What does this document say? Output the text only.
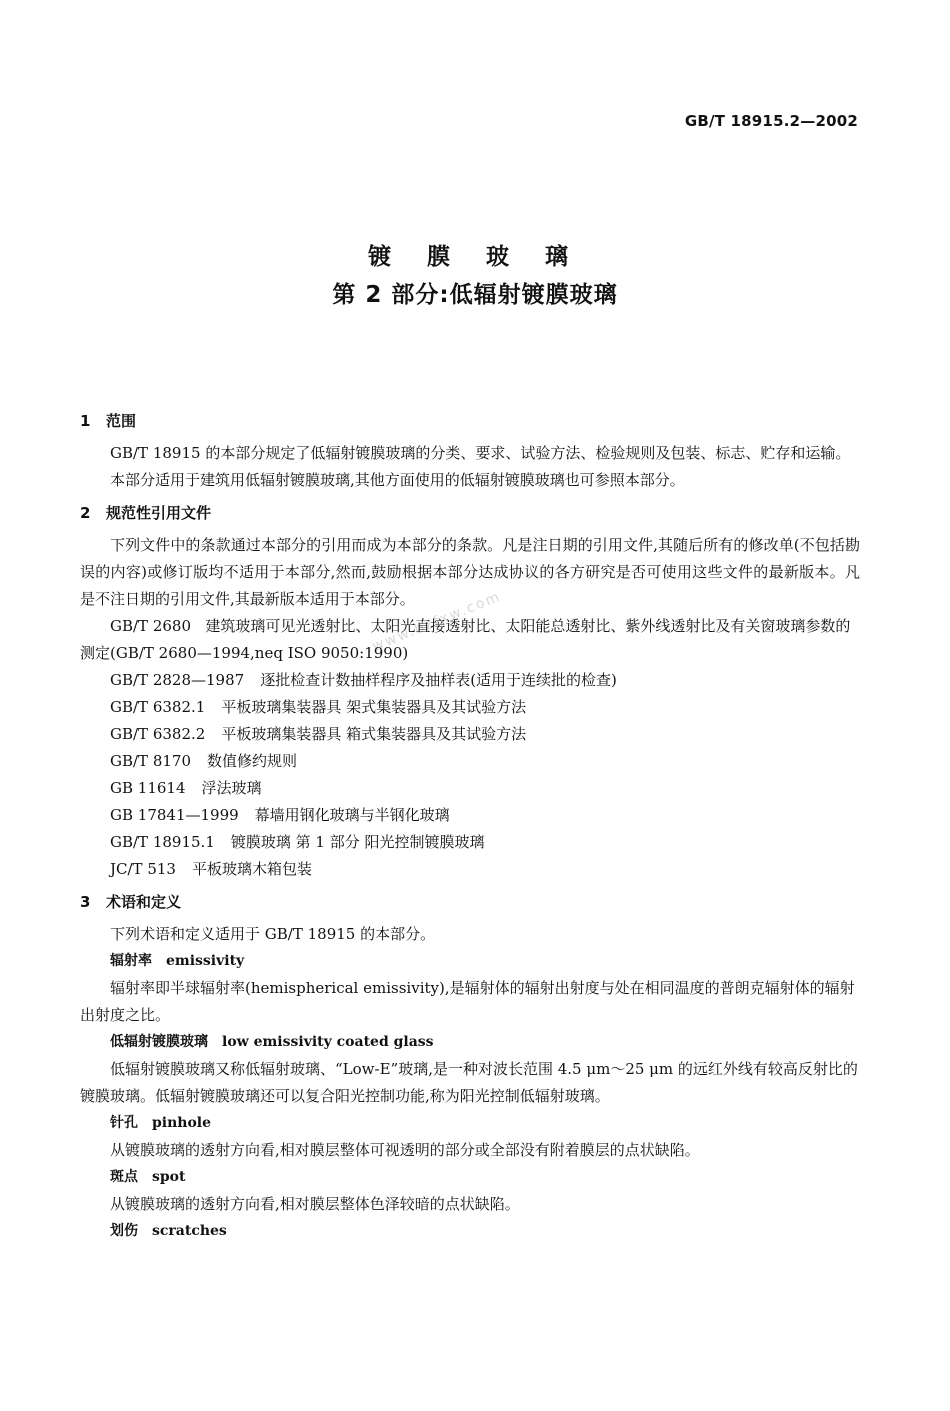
GB/T 18915.2—2002
镀 膜 玻 璃
第 2 部分:低辐射镀膜玻璃
www.bzfxw.com
1 范围
GB/T 18915 的本部分规定了低辐射镀膜玻璃的分类、要求、试验方法、检验规则及包装、标志、贮存和运输。
本部分适用于建筑用低辐射镀膜玻璃,其他方面使用的低辐射镀膜玻璃也可参照本部分。
2 规范性引用文件
下列文件中的条款通过本部分的引用而成为本部分的条款。凡是注日期的引用文件,其随后所有的修改单(不包括勘误的内容)或修订版均不适用于本部分,然而,鼓励根据本部分达成协议的各方研究是否可使用这些文件的最新版本。凡是不注日期的引用文件,其最新版本适用于本部分。
GB/T 2680 建筑玻璃可见光透射比、太阳光直接透射比、太阳能总透射比、紫外线透射比及有关窗玻璃参数的测定(GB/T 2680—1994,neq ISO 9050:1990)
GB/T 2828—1987 逐批检查计数抽样程序及抽样表(适用于连续批的检查)
GB/T 6382.1 平板玻璃集装器具 架式集装器具及其试验方法
GB/T 6382.2 平板玻璃集装器具 箱式集装器具及其试验方法
GB/T 8170 数值修约规则
GB 11614 浮法玻璃
GB 17841—1999 幕墙用钢化玻璃与半钢化玻璃
GB/T 18915.1 镀膜玻璃 第 1 部分 阳光控制镀膜玻璃
JC/T 513 平板玻璃木箱包装
3 术语和定义
下列术语和定义适用于 GB/T 18915 的本部分。
辐射率 emissivity
辐射率即半球辐射率(hemispherical emissivity),是辐射体的辐射出射度与处在相同温度的普朗克辐射体的辐射出射度之比。
低辐射镀膜玻璃 low emissivity coated glass
低辐射镀膜玻璃又称低辐射玻璃、“Low-E”玻璃,是一种对波长范围 4.5 μm～25 μm 的远红外线有较高反射比的镀膜玻璃。低辐射镀膜玻璃还可以复合阳光控制功能,称为阳光控制低辐射玻璃。
针孔 pinhole
从镀膜玻璃的透射方向看,相对膜层整体可视透明的部分或全部没有附着膜层的点状缺陷。
斑点 spot
从镀膜玻璃的透射方向看,相对膜层整体色泽较暗的点状缺陷。
划伤 scratches
